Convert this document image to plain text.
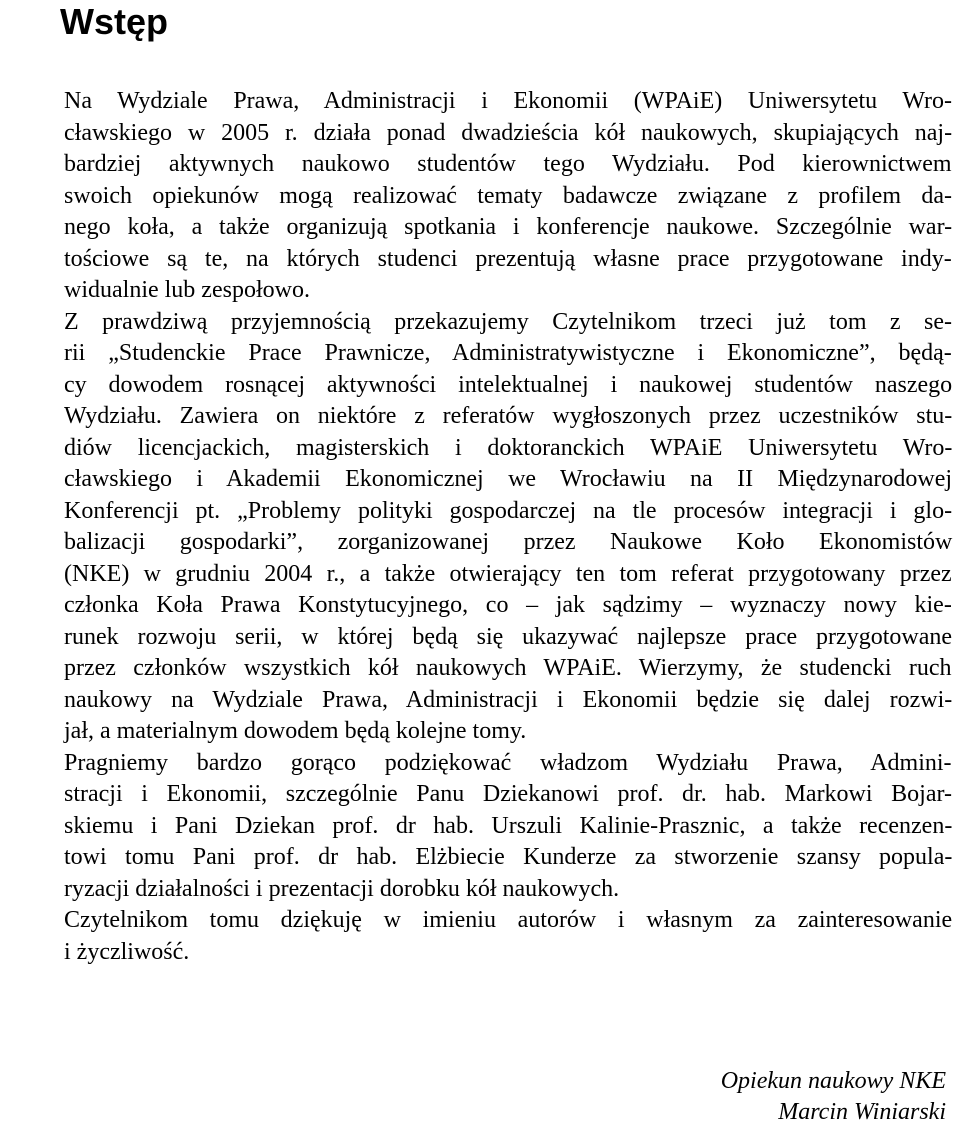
Wstęp
Na Wydziale Prawa, Administracji i Ekonomii (WPAiE) Uniwersytetu Wro-
cławskiego w 2005 r. działa ponad dwadzieścia kół naukowych, skupiających naj-
bardziej aktywnych naukowo studentów tego Wydziału. Pod kierownictwem
swoich opiekunów mogą realizować tematy badawcze związane z profilem da-
nego koła, a także organizują spotkania i konferencje naukowe. Szczególnie war-
tościowe są te, na których studenci prezentują własne prace przygotowane indy-
widualnie lub zespołowo.
Z prawdziwą przyjemnością przekazujemy Czytelnikom trzeci już tom z se-
rii „Studenckie Prace Prawnicze, Administratywistyczne i Ekonomiczne”, będą-
cy dowodem rosnącej aktywności intelektualnej i naukowej studentów naszego
Wydziału. Zawiera on niektóre z referatów wygłoszonych przez uczestników stu-
diów licencjackich, magisterskich i doktoranckich WPAiE Uniwersytetu Wro-
cławskiego i Akademii Ekonomicznej we Wrocławiu na II Międzynarodowej
Konferencji pt. „Problemy polityki gospodarczej na tle procesów integracji i glo-
balizacji gospodarki”, zorganizowanej przez Naukowe Koło Ekonomistów
(NKE) w grudniu 2004 r., a także otwierający ten tom referat przygotowany przez
członka Koła Prawa Konstytucyjnego, co – jak sądzimy – wyznaczy nowy kie-
runek rozwoju serii, w której będą się ukazywać najlepsze prace przygotowane
przez członków wszystkich kół naukowych WPAiE. Wierzymy, że studencki ruch
naukowy na Wydziale Prawa, Administracji i Ekonomii będzie się dalej rozwi-
jał, a materialnym dowodem będą kolejne tomy.
Pragniemy bardzo gorąco podziękować władzom Wydziału Prawa, Admini-
stracji i Ekonomii, szczególnie Panu Dziekanowi prof. dr. hab. Markowi Bojar-
skiemu i Pani Dziekan prof. dr hab. Urszuli Kalinie-Prasznic, a także recenzen-
towi tomu Pani prof. dr hab. Elżbiecie Kunderze za stworzenie szansy popula-
ryzacji działalności i prezentacji dorobku kół naukowych.
Czytelnikom tomu dziękuję w imieniu autorów i własnym za zainteresowanie
i życzliwość.
Opiekun naukowy NKE
Marcin Winiarski
